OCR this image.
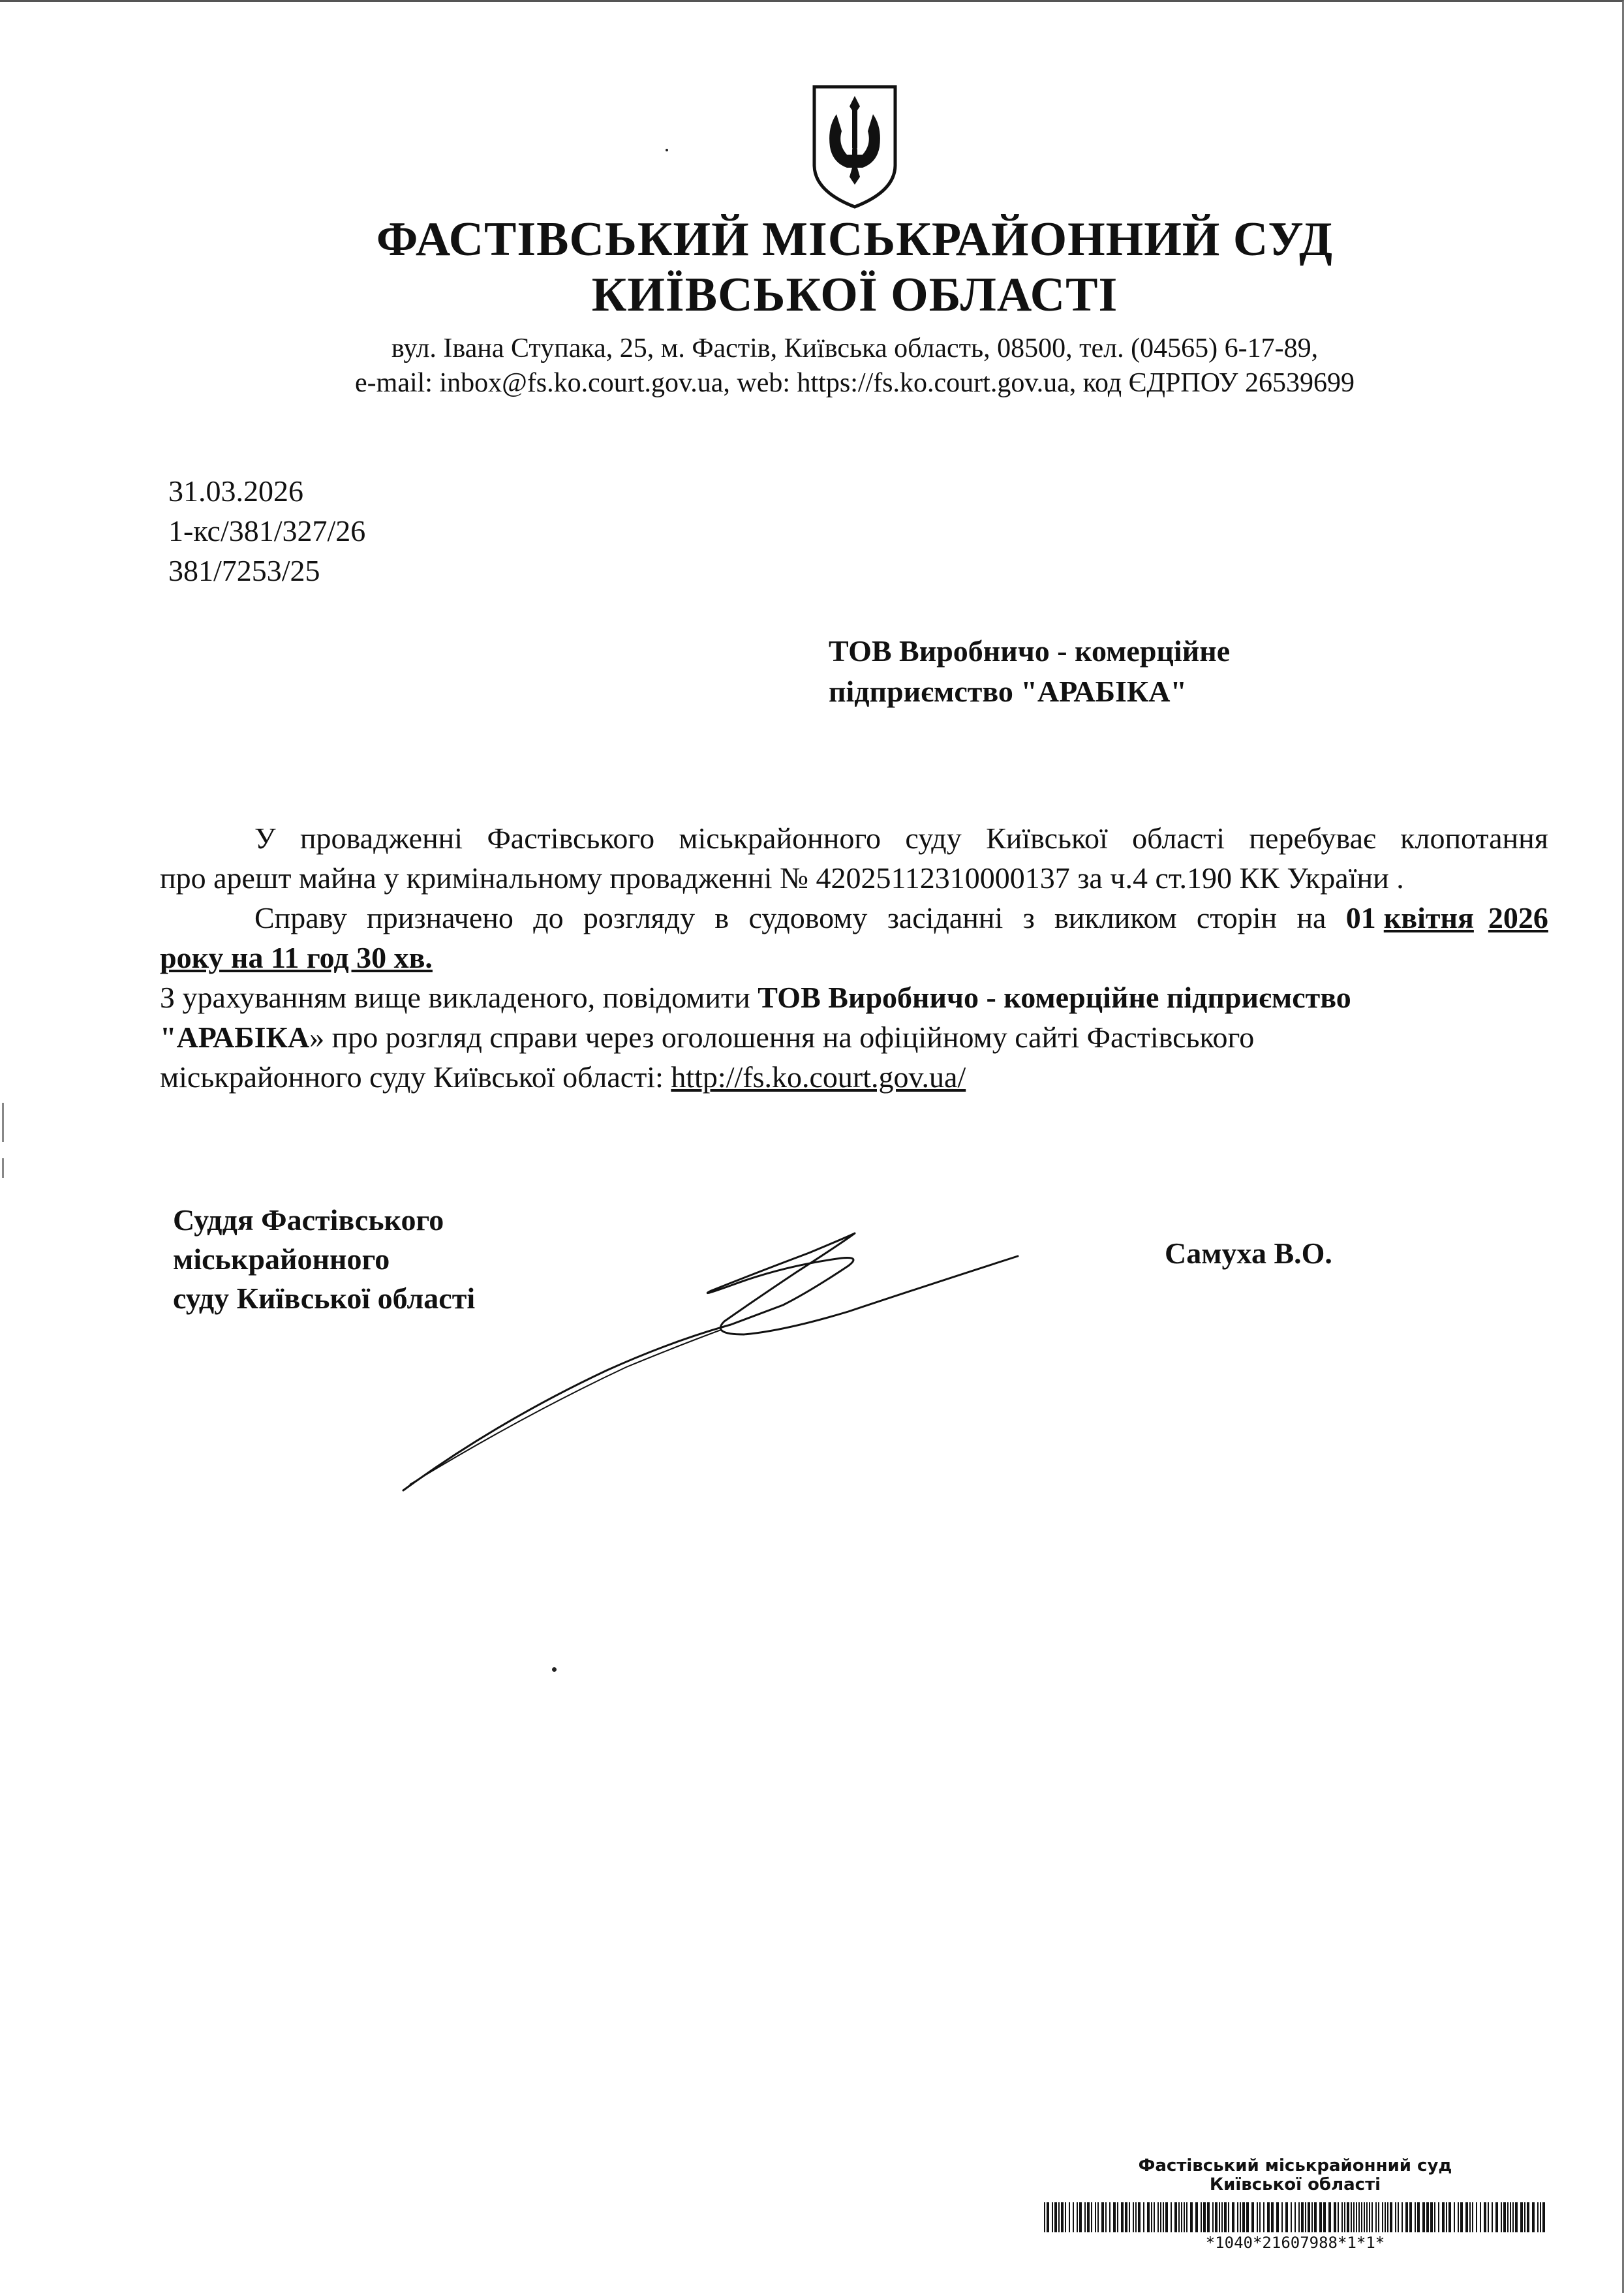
ФАСТІВСЬКИЙ МІСЬКРАЙОННИЙ СУД
КИЇВСЬКОЇ ОБЛАСТІ
вул. Івана Ступака, 25, м. Фастів, Київська область, 08500, тел. (04565) 6-17-89,
e-mail: inbox@fs.ko.court.gov.ua, web: https://fs.ko.court.gov.ua, код ЄДРПОУ 26539699
31.03.2026
1-кс/381/327/26
381/7253/25
ТОВ Виробничо - комерційне
підприємство "АРАБІКА"
У провадженні Фастівського міськрайонного суду Київської області перебуває клопотання
про арешт майна у кримінальному провадженні № 42025112310000137 за ч.4 ст.190 КК України .
Справу призначено до розгляду в судовому засіданні з викликом сторін на 01 квітня 2026
року на 11 год 30 хв.
З урахуванням вище викладеного, повідомити ТОВ Виробничо - комерційне підприємство
"АРАБІКА» про розгляд справи через оголошення на офіційному сайті Фастівського
міськрайонного суду Київської області: http://fs.ko.court.gov.ua/
Суддя Фастівського
міськрайонного
суду Київської області
Самуха В.О.
Фастівський міськрайонний суд
Київської області
*1040*21607988*1*1*
